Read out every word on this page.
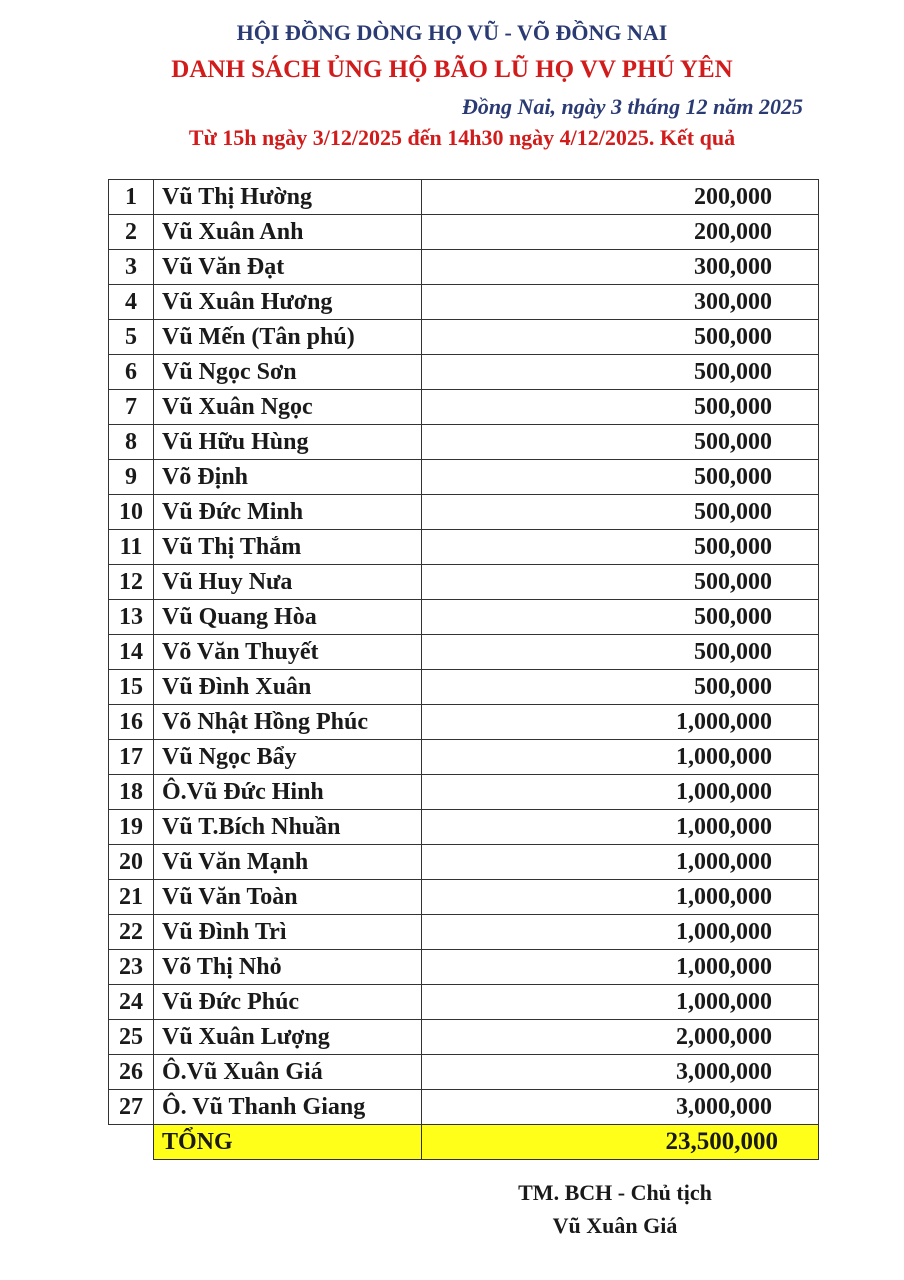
HỘI ĐỒNG DÒNG HỌ VŨ - VÕ ĐỒNG NAI
DANH SÁCH ỦNG HỘ BÃO LŨ HỌ VV PHÚ YÊN
Đồng Nai, ngày 3 tháng 12 năm 2025
Từ 15h ngày 3/12/2025 đến 14h30 ngày 4/12/2025. Kết quả
1	Vũ Thị Hường	200,000
2	Vũ Xuân Anh	200,000
3	Vũ Văn Đạt	300,000
4	Vũ Xuân Hương	300,000
5	Vũ Mến (Tân phú)	500,000
6	Vũ Ngọc Sơn	500,000
7	Vũ Xuân Ngọc	500,000
8	Vũ Hữu Hùng	500,000
9	Võ Định	500,000
10	Vũ Đức Minh	500,000
11	Vũ Thị Thắm	500,000
12	Vũ Huy Nưa	500,000
13	Vũ Quang Hòa	500,000
14	Võ Văn Thuyết	500,000
15	Vũ Đình Xuân	500,000
16	Võ Nhật Hồng Phúc	1,000,000
17	Vũ Ngọc Bẩy	1,000,000
18	Ô.Vũ Đức Hinh	1,000,000
19	Vũ T.Bích Nhuần	1,000,000
20	Vũ Văn Mạnh	1,000,000
21	Vũ Văn Toàn	1,000,000
22	Vũ Đình Trì	1,000,000
23	Võ Thị Nhỏ	1,000,000
24	Vũ Đức Phúc	1,000,000
25	Vũ Xuân Lượng	2,000,000
26	Ô.Vũ Xuân Giá	3,000,000
27	Ô. Vũ Thanh Giang	3,000,000
	TỔNG	23,500,000
TM. BCH - Chủ tịch
Vũ Xuân Giá
